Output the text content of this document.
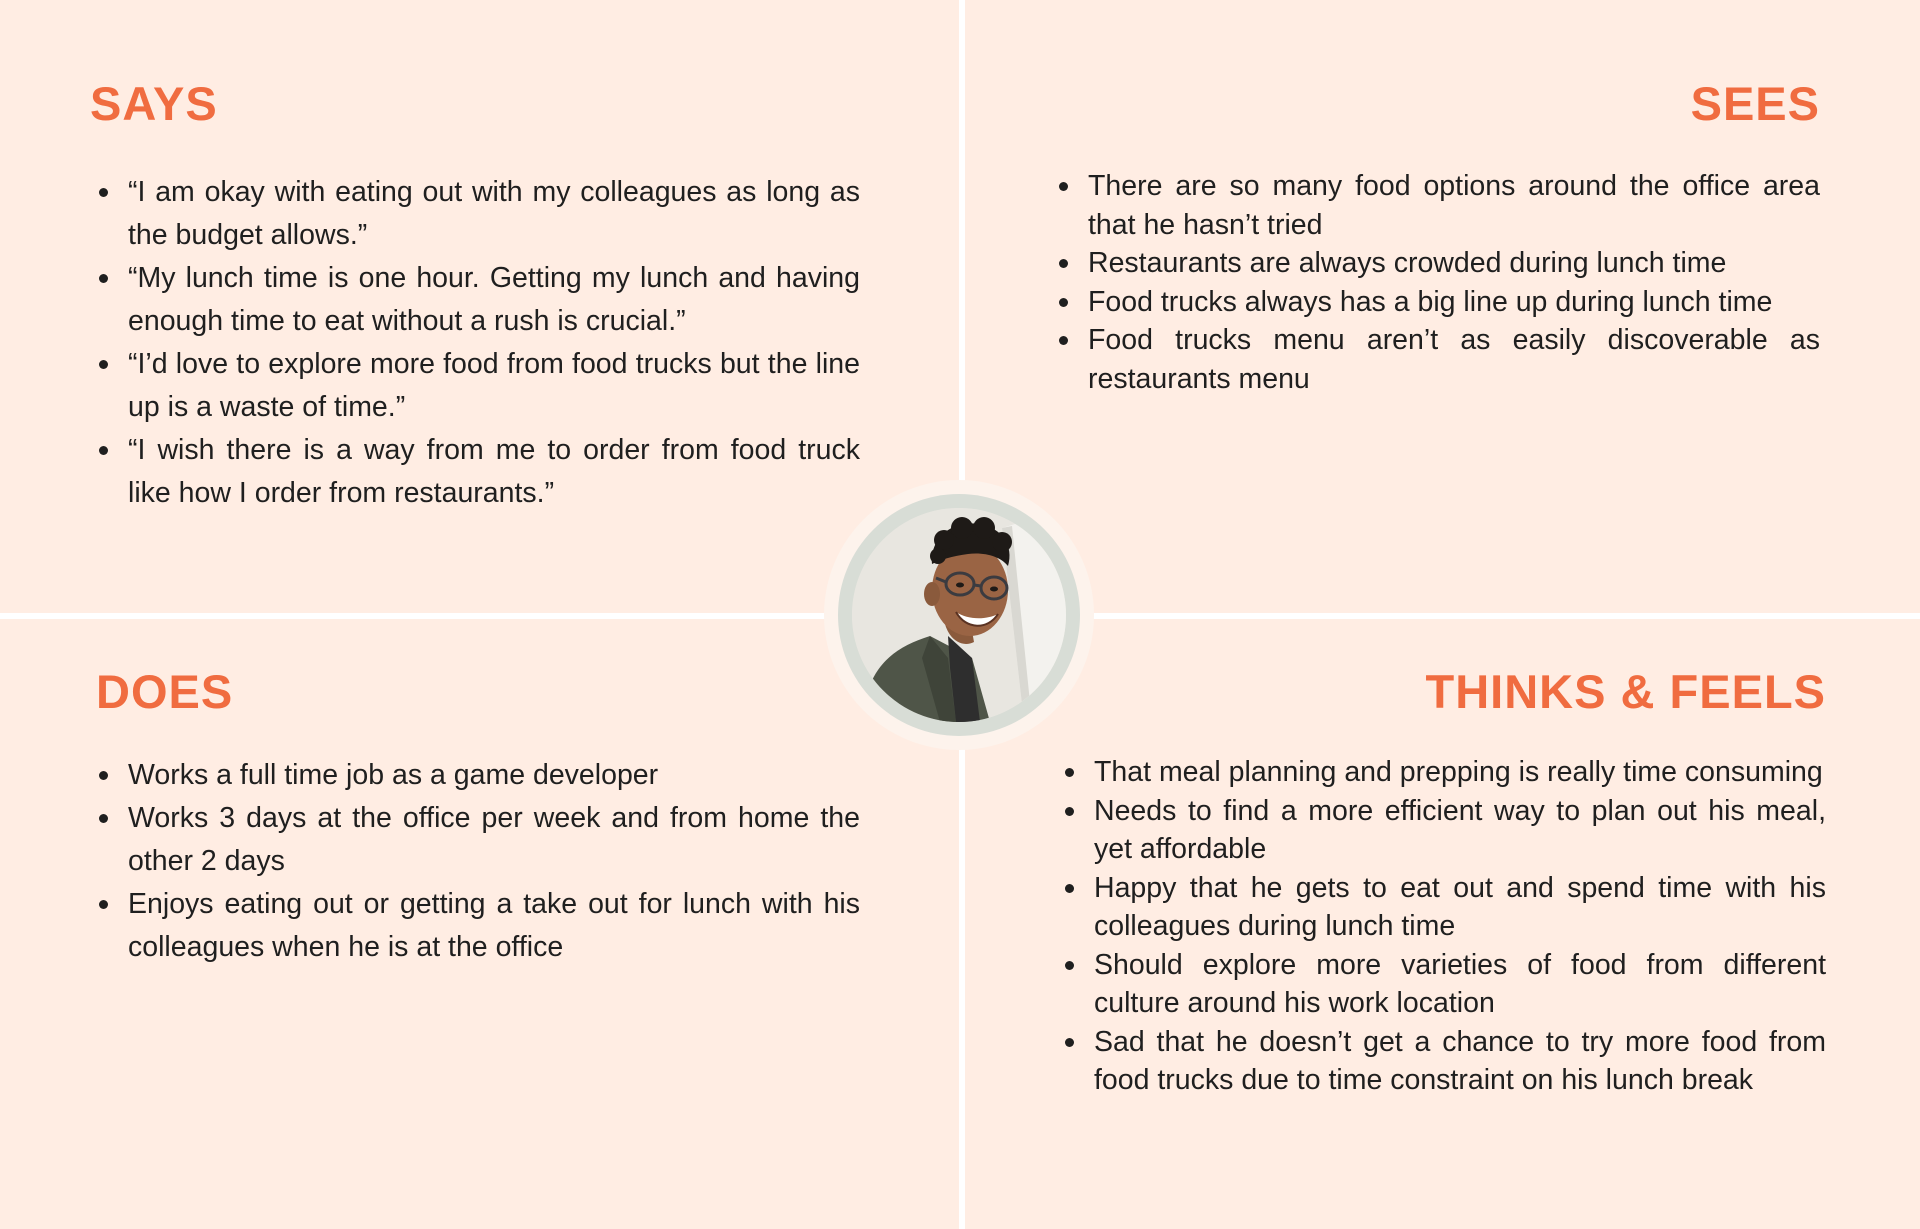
SAYS
“I am okay with eating out with my colleagues as long as the budget allows.”
“My lunch time is one hour. Getting my lunch and having enough time to eat without a rush is crucial.”
“I’d love to explore more food from food trucks but the line up is a waste of time.”
“I wish there is a way from me to order from food truck like how I order from restaurants.”
SEES
There are so many food options around the office area that he hasn’t tried
Restaurants are always crowded during lunch time
Food trucks always has a big line up during lunch time
Food trucks menu aren’t as easily discoverable as restaurants menu
DOES
Works a full time job as a game developer
Works 3 days at the office per week and from home the other 2 days
Enjoys eating out or getting a take out for lunch with his colleagues when he is at the office
THINKS & FEELS
That meal planning and prepping is really time consuming
Needs to find a more efficient way to plan out his meal, yet affordable
Happy that he gets to eat out and spend time with his colleagues during lunch time
Should explore more varieties of food from different culture around his work location
Sad that he doesn’t get a chance to try more food from food trucks due to time constraint on his lunch break
